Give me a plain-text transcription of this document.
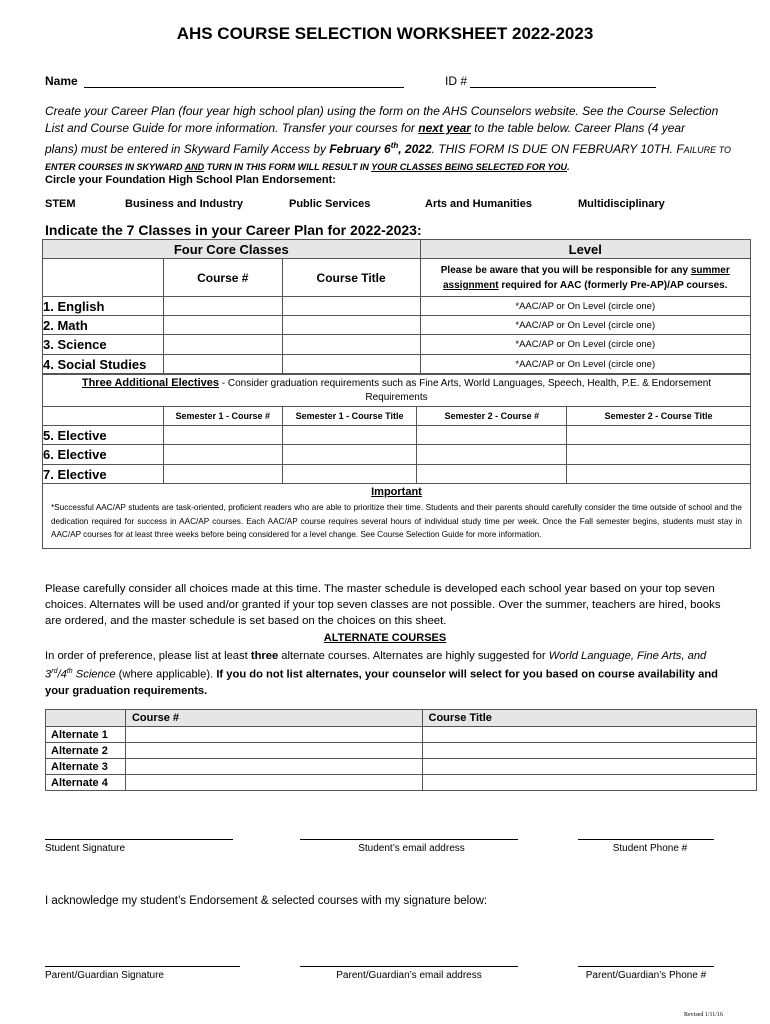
AHS COURSE SELECTION WORKSHEET 2022-2023
Name	ID #
Create your Career Plan (four year high school plan) using the form on the AHS Counselors website. See the Course Selection
List and Course Guide for more information. Transfer your courses for next year to the table below. Career Plans (4 year
plans) must be entered in Skyward Family Access by February 6th, 2022. THIS FORM IS DUE ON FEBRUARY 10TH. FAILURE TO
ENTER COURSES IN SKYWARD AND TURN IN THIS FORM WILL RESULT IN YOUR CLASSES BEING SELECTED FOR YOU.
Circle your Foundation High School Plan Endorsement:
STEM	Business and Industry	Public Services	Arts and Humanities	Multidisciplinary
Indicate the 7 Classes in your Career Plan for 2022-2023:
Four Core Classes			Level
	Course #	Course Title	Please be aware that you will be responsible for any summer
assignment required for AAC (formerly Pre-AP)/AP courses.
1. English			*AAC/AP or On Level (circle one)
2. Math			*AAC/AP or On Level (circle one)
3. Science			*AAC/AP or On Level (circle one)
4. Social Studies			*AAC/AP or On Level (circle one)
Three Additional Electives - Consider graduation requirements such as Fine Arts, World Languages, Speech, Health, P.E. & Endorsement
Requirements				
	Semester 1 - Course #	Semester 1 - Course Title	Semester 2 - Course #	Semester 2 - Course Title
5. Elective				
6. Elective				
7. Elective				

Important
*Successful AAC/AP students are task-oriented, proficient readers who are able to prioritize their time. Students and their parents should carefully consider the time outside of school and the dedication required for success in AAC/AP courses. Each AAC/AP course requires several hours of individual study time per week. Once the Fall semester begins, students must stay in AAC/AP courses for at least three weeks before being considered for a level change. See Course Selection Guide for more information.				
Please carefully consider all choices made at this time. The master schedule is developed each school year based on your top seven
choices. Alternates will be used and/or granted if your top seven classes are not possible. Over the summer, teachers are hired, books
are ordered, and the master schedule is set based on the choices on this sheet.
ALTERNATE COURSES
In order of preference, please list at least three alternate courses. Alternates are highly suggested for World Language, Fine Arts, and
3rd/4th Science (where applicable). If you do not list alternates, your counselor will select for you based on course availability and
your graduation requirements.
	Course #	Course Title
Alternate 1		
Alternate 2		
Alternate 3		
Alternate 4		
Student Signature	Student’s email address	Student Phone #
I acknowledge my student’s Endorsement & selected courses with my signature below:
Parent/Guardian Signature	Parent/Guardian’s email address	Parent/Guardian’s Phone #
Revised 1/11/16
